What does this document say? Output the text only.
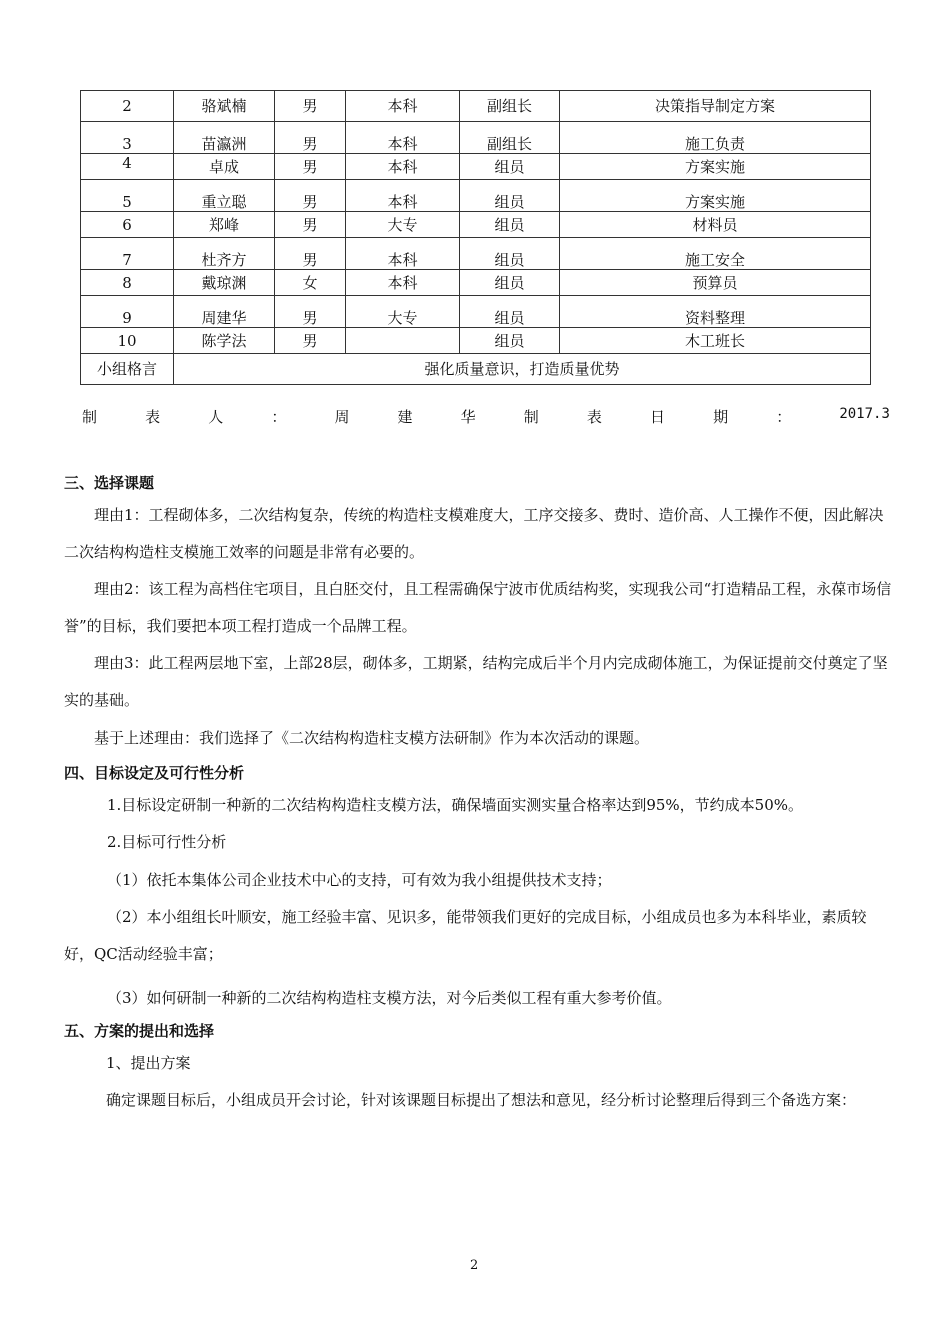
2	骆斌楠	男	本科	副组长	决策指导制定方案
3	苗瀛洲	男	本科	副组长	施工负责
4	卓成	男	本科	组员	方案实施
5	重立聪	男	本科	组员	方案实施
6	郑峰	男	大专	组员	材料员
7	杜齐方	男	本科	组员	施工安全
8	戴琼渊	女	本科	组员	预算员
9	周建华	男	大专	组员	资料整理
10	陈学法	男		组员	木工班长
小组格言	强化质量意识，打造质量优势				
制	表	人	：	周	建	华	制	表	日	期	：	2017.3
三、选择课题
理由1：工程砌体多，二次结构复杂，传统的构造柱支模难度大，工序交接多、费时、造价高、人工操作不便，因此解决二次结构构造柱支模施工效率的问题是非常有必要的。
理由2：该工程为高档住宅项目，且白胚交付，且工程需确保宁波市优质结构奖，实现我公司“打造精品工程，永葆市场信誉”的目标，我们要把本项工程打造成一个品牌工程。
理由3：此工程两层地下室，上部28层，砌体多，工期紧，结构完成后半个月内完成砌体施工，为保证提前交付奠定了坚实的基础。
基于上述理由：我们选择了《二次结构构造柱支模方法研制》作为本次活动的课题。
四、目标设定及可行性分析
1.目标设定研制一种新的二次结构构造柱支模方法，确保墙面实测实量合格率达到95%，节约成本50%。
2.目标可行性分析
（1）依托本集体公司企业技术中心的支持，可有效为我小组提供技术支持；
（2）本小组组长叶顺安，施工经验丰富、见识多，能带领我们更好的完成目标，小组成员也多为本科毕业，素质较好，QC活动经验丰富；
（3）如何研制一种新的二次结构构造柱支模方法，对今后类似工程有重大参考价值。
五、方案的提出和选择
1、提出方案
确定课题目标后，小组成员开会讨论，针对该课题目标提出了想法和意见，经分析讨论整理后得到三个备选方案：
2
